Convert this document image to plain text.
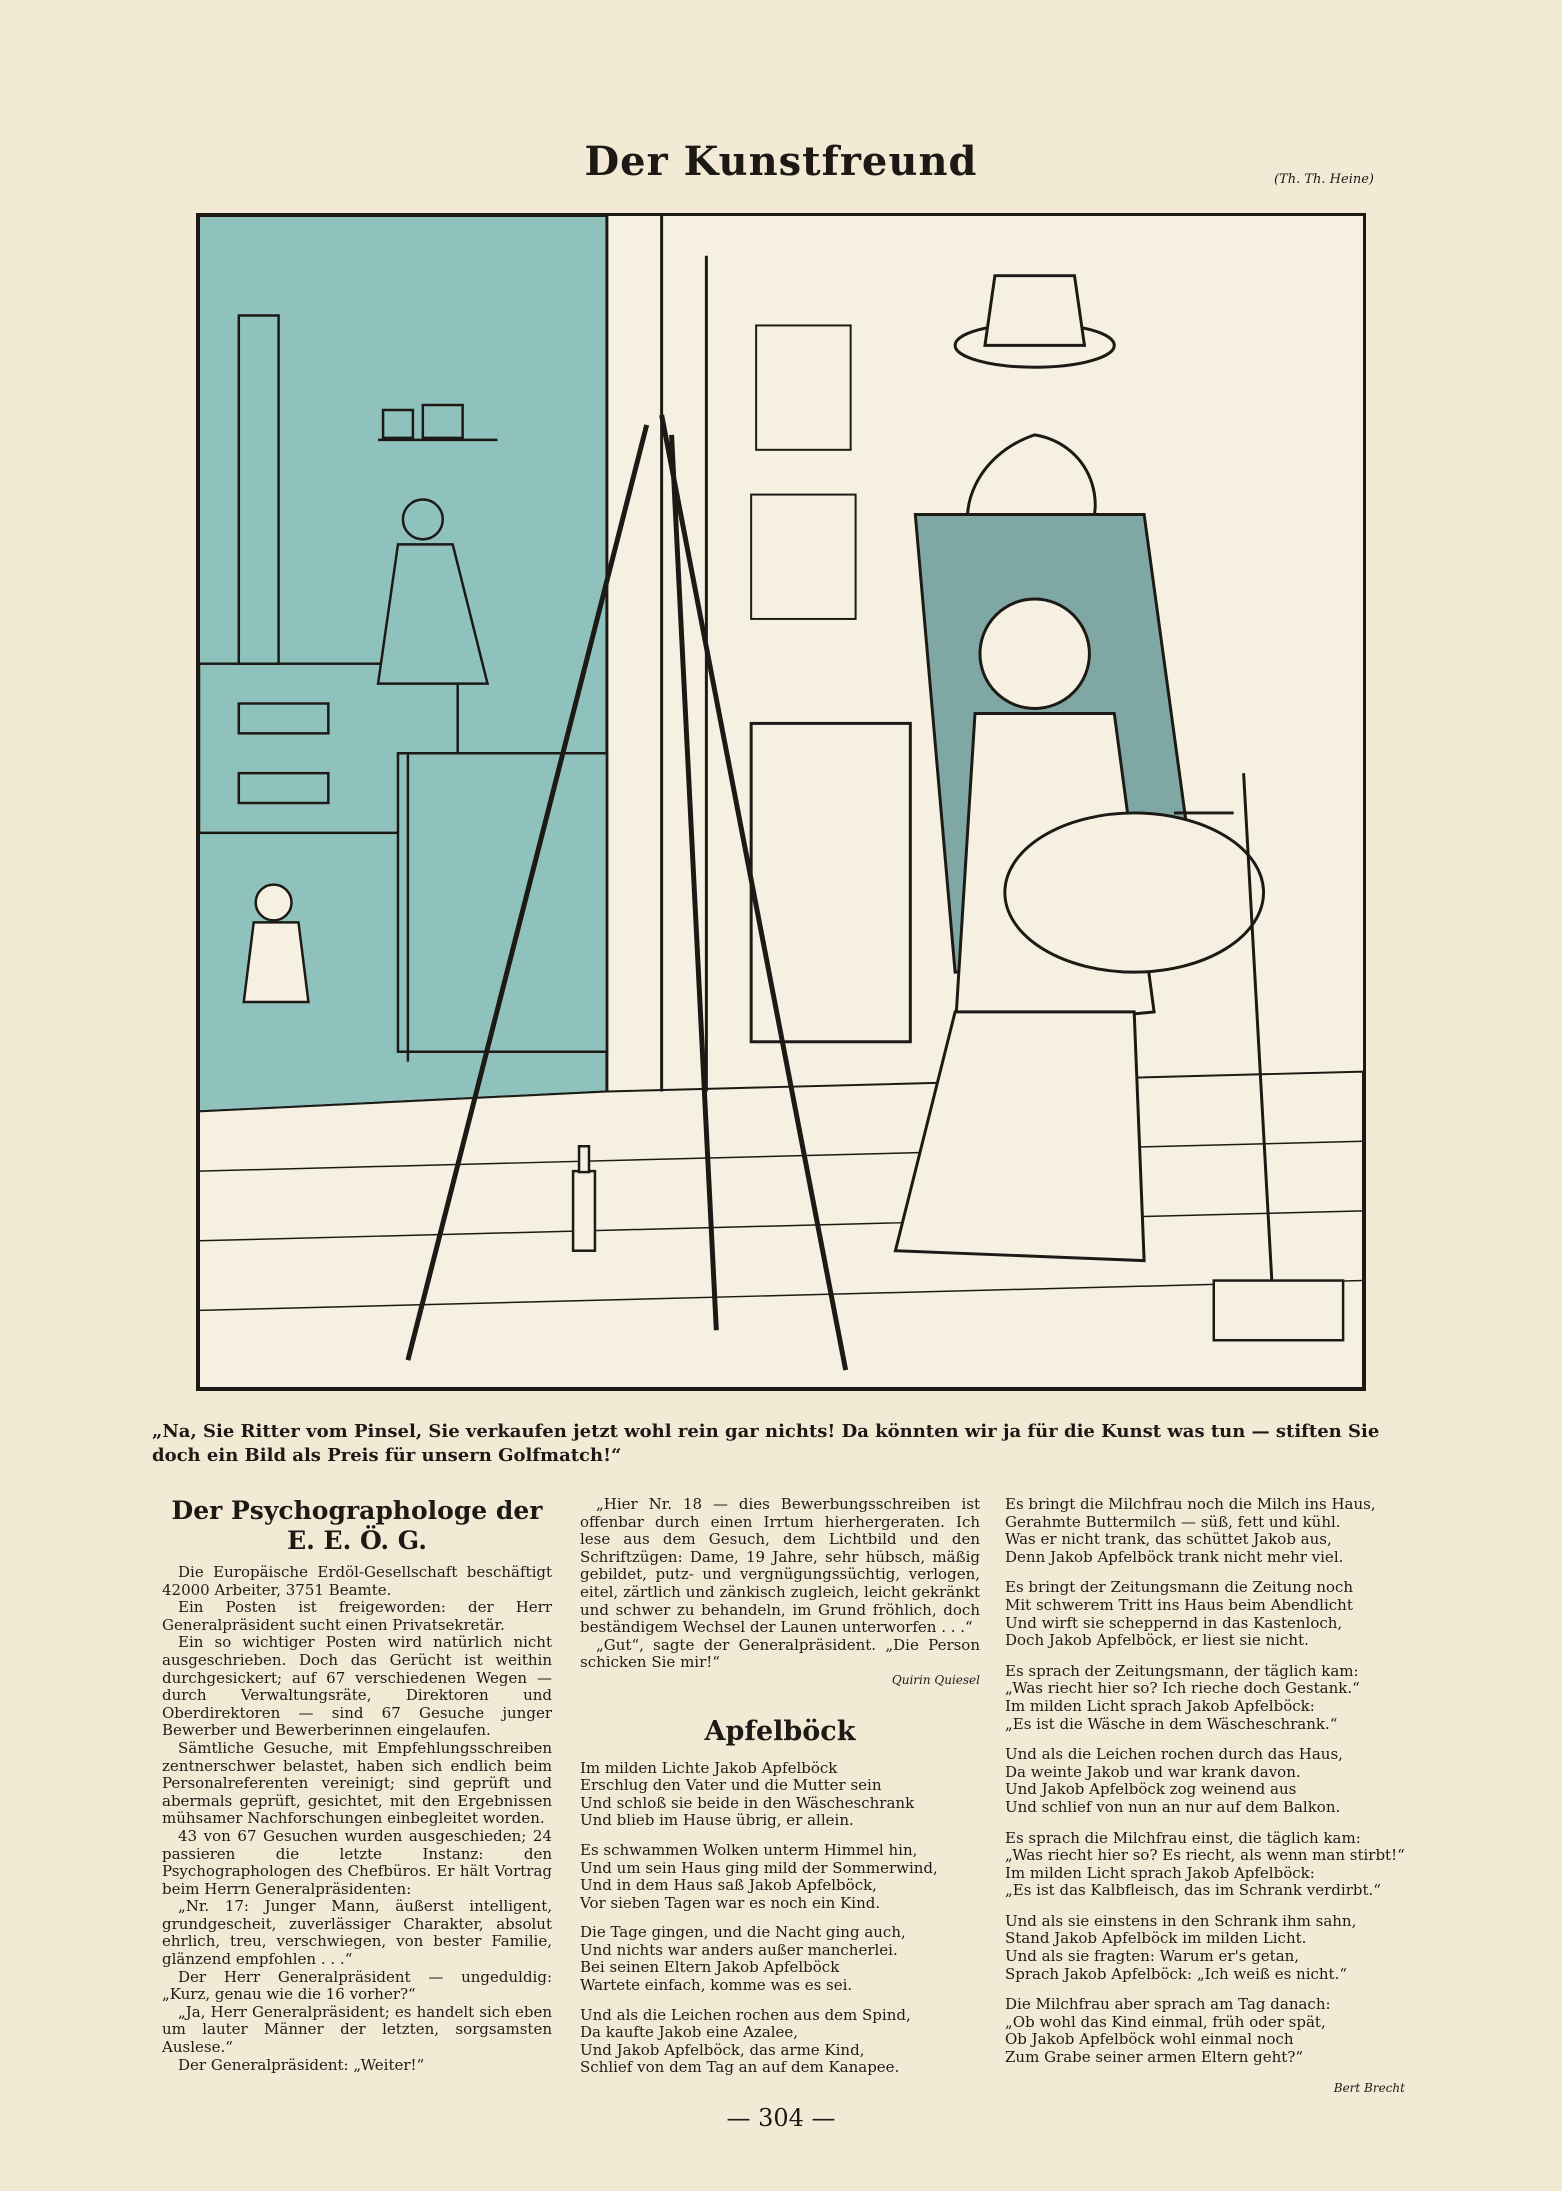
Der Kunstfreund	(Th. Th. Heine)
„Na, Sie Ritter vom Pinsel, Sie verkaufen jetzt wohl rein gar nichts! Da könnten wir ja für die Kunst was tun — stiften Sie doch ein Bild als Preis für unsern Golfmatch!“
Der Psychographologe der
E. E. Ö. G.

Die Europäische Erdöl-Gesellschaft beschäftigt 42000 Arbeiter, 3751 Beamte.

Ein Posten ist freigeworden: der Herr Generalpräsident sucht einen Privatsekretär.

Ein so wichtiger Posten wird natürlich nicht ausgeschrieben. Doch das Gerücht ist weithin durchgesickert; auf 67 verschiedenen Wegen — durch Verwaltungsräte, Direktoren und Oberdirektoren — sind 67 Gesuche junger Bewerber und Bewerberinnen eingelaufen.

Sämtliche Gesuche, mit Empfehlungsschreiben zentnerschwer belastet, haben sich endlich beim Personalreferenten vereinigt; sind geprüft und abermals geprüft, gesichtet, mit den Ergebnissen mühsamer Nachforschungen einbegleitet worden.

43 von 67 Gesuchen wurden ausgeschieden; 24 passieren die letzte Instanz: den Psychographologen des Chefbüros. Er hält Vortrag beim Herrn Generalpräsidenten:

„Nr. 17: Junger Mann, äußerst intelligent, grundgescheit, zuverlässiger Charakter, absolut ehrlich, treu, verschwiegen, von bester Familie, glänzend empfohlen . . .“

Der Herr Generalpräsident — ungeduldig: „Kurz, genau wie die 16 vorher?“

„Ja, Herr Generalpräsident; es handelt sich eben um lauter Männer der letzten, sorgsamsten Auslese.“

Der Generalpräsident: „Weiter!“

„Hier Nr. 18 — dies Bewerbungsschreiben ist offenbar durch einen Irrtum hierhergeraten. Ich lese aus dem Gesuch, dem Lichtbild und den Schriftzügen: Dame, 19 Jahre, sehr hübsch, mäßig gebildet, putz- und vergnügungssüchtig, verlogen, eitel, zärtlich und zänkisch zugleich, leicht gekränkt und schwer zu behandeln, im Grund fröhlich, doch beständigem Wechsel der Launen unterworfen . . .“

„Gut“, sagte der Generalpräsident. „Die Person schicken Sie mir!“

Quirin Quiesel
Apfelböck
Im milden Lichte Jakob Apfelböck
Erschlug den Vater und die Mutter sein
Und schloß sie beide in den Wäscheschrank
Und blieb im Hause übrig, er allein.
Es schwammen Wolken unterm Himmel hin,
Und um sein Haus ging mild der Sommerwind,
Und in dem Haus saß Jakob Apfelböck,
Vor sieben Tagen war es noch ein Kind.
Die Tage gingen, und die Nacht ging auch,
Und nichts war anders außer mancherlei.
Bei seinen Eltern Jakob Apfelböck
Wartete einfach, komme was es sei.
Und als die Leichen rochen aus dem Spind,
Da kaufte Jakob eine Azalee,
Und Jakob Apfelböck, das arme Kind,
Schlief von dem Tag an auf dem Kanapee.
Es bringt die Milchfrau noch die Milch ins Haus,
Gerahmte Buttermilch — süß, fett und kühl.
Was er nicht trank, das schüttet Jakob aus,
Denn Jakob Apfelböck trank nicht mehr viel.
Es bringt der Zeitungsmann die Zeitung noch
Mit schwerem Tritt ins Haus beim Abendlicht
Und wirft sie scheppernd in das Kastenloch,
Doch Jakob Apfelböck, er liest sie nicht.
Es sprach der Zeitungsmann, der täglich kam:
„Was riecht hier so? Ich rieche doch Gestank.“
Im milden Licht sprach Jakob Apfelböck:
„Es ist die Wäsche in dem Wäscheschrank.“
Und als die Leichen rochen durch das Haus,
Da weinte Jakob und war krank davon.
Und Jakob Apfelböck zog weinend aus
Und schlief von nun an nur auf dem Balkon.
Es sprach die Milchfrau einst, die täglich kam:
„Was riecht hier so? Es riecht, als wenn man stirbt!“
Im milden Licht sprach Jakob Apfelböck:
„Es ist das Kalbfleisch, das im Schrank verdirbt.“
Und als sie einstens in den Schrank ihm sahn,
Stand Jakob Apfelböck im milden Licht.
Und als sie fragten: Warum er's getan,
Sprach Jakob Apfelböck: „Ich weiß es nicht.“
Die Milchfrau aber sprach am Tag danach:
„Ob wohl das Kind einmal, früh oder spät,
Ob Jakob Apfelböck wohl einmal noch
Zum Grabe seiner armen Eltern geht?“
Bert Brecht
— 304 —
